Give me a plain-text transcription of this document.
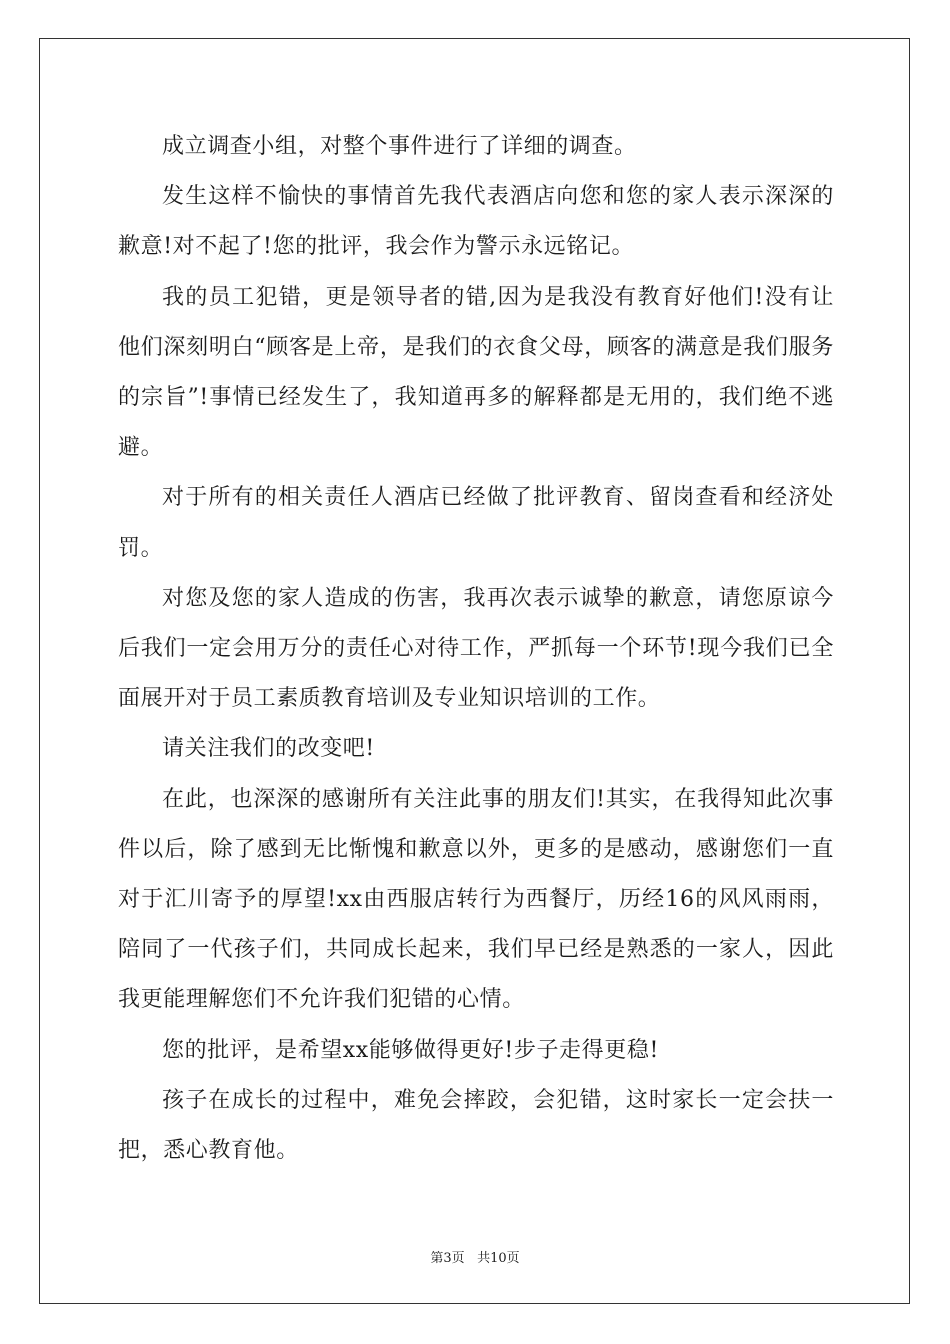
成立调查小组，对整个事件进行了详细的调查。

发生这样不愉快的事情首先我代表酒店向您和您的家人表示深深的歉意!对不起了!您的批评，我会作为警示永远铭记。

我的员工犯错，更是领导者的错,因为是我没有教育好他们!没有让他们深刻明白“顾客是上帝，是我们的衣食父母，顾客的满意是我们服务的宗旨”!事情已经发生了，我知道再多的解释都是无用的，我们绝不逃避。

对于所有的相关责任人酒店已经做了批评教育、留岗查看和经济处罚。

对您及您的家人造成的伤害，我再次表示诚挚的歉意，请您原谅今后我们一定会用万分的责任心对待工作，严抓每一个环节!现今我们已全面展开对于员工素质教育培训及专业知识培训的工作。

请关注我们的改变吧!

在此，也深深的感谢所有关注此事的朋友们!其实，在我得知此次事件以后，除了感到无比惭愧和歉意以外，更多的是感动，感谢您们一直对于汇川寄予的厚望!xx由西服店转行为西餐厅，历经16的风风雨雨，陪同了一代孩子们，共同成长起来，我们早已经是熟悉的一家人，因此我更能理解您们不允许我们犯错的心情。

您的批评，是希望xx能够做得更好!步子走得更稳!

孩子在成长的过程中，难免会摔跤，会犯错，这时家长一定会扶一把，悉心教育他。

第3页 共10页
